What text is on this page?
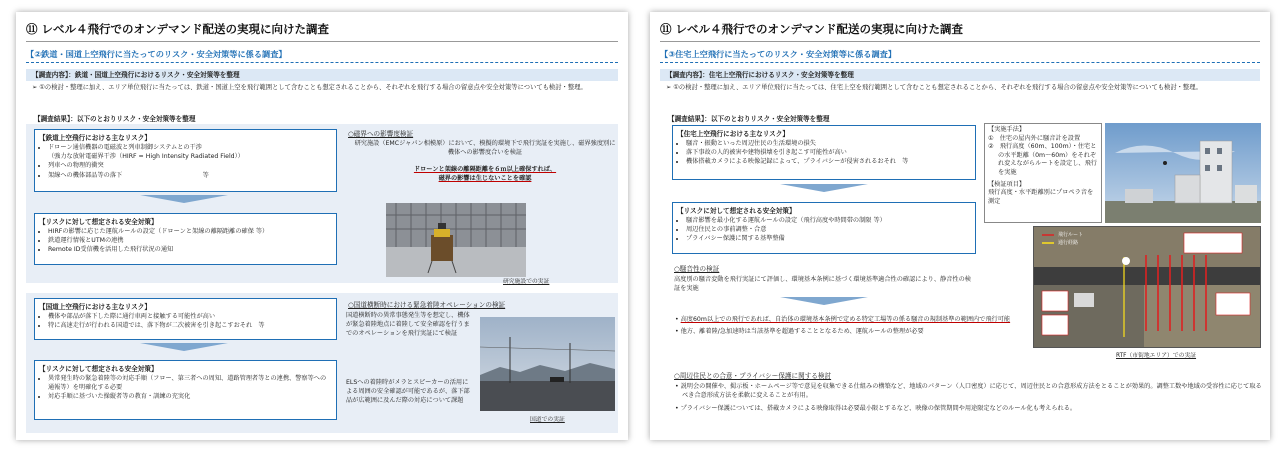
⑪ レベル４飛行でのオンデマンド配送の実現に向けた調査
【②鉄道・国道上空飛行に当たってのリスク・安全対策等に係る調査】
【調査内容】：鉄道・国道上空飛行におけるリスク・安全対策等を整理
➢ ①の検討・整理に加え、エリア単位飛行に当たっては、鉄道・国道上空を飛行範囲として含むことも想定されることから、それぞれを飛行する場合の留意点や安全対策等についても検討・整理。
【調査結果】：以下のとおりリスク・安全対策等を整理
【鉄道上空飛行における主なリスク】
• ドローン通信機器の電磁波と列車制御システムとの干渉
（強力な放射電磁界干渉（HIRF = High Intensity Radiated Field））
• 列車への物理的衝突
• 架線への機体部品等の落下　　　　　　　　　　　　　等
【リスクに対して想定される安全対策】
• HIRFの影響に応じた運航ルールの設定（ドローンと架線の離隔距離の確保 等）
• 鉄道運行情報とUTMの連携
• Remote ID受信機を活用した飛行状況の通知
○磁界への影響度検証
研究施設（EMCジャパン相模原）において、模擬的環境下で飛行実証を実施し、磁界強度別に機体への影響度合いを検証
ドローンと架線の離隔距離を６ｍ以上確保すれば、
磁界の影響は生じないことを確認
研究施設での実証
【国道上空飛行における主なリスク】
• 機体や部品が落下した際に通行車両と接触する可能性が高い
• 特に高速走行が行われる国道では、落下物が二次被害を引き起こすおそれ　等
【リスクに対して想定される安全対策】
• 異常発生時の緊急着陸等の対応手順（フロー、第三者への周知、道路管理者等との連携、警察等への通報等）を明確化する必要
• 対応手順に基づいた操縦者等の教育・訓練の充実化
○国道横断時における緊急着陸オペレーションの検証
国道横断時の異常事態発生等を想定し、機体が緊急着陸地点に着陸して安全確認を行うまでのオペレーションを飛行実証にて検証
ELSへの着陸時がメラとスピーカーの活用による周囲の安全確認が可能であるが、落下部品が広範囲に及んだ際の対応について課題
国道での実証
⑪ レベル４飛行でのオンデマンド配送の実現に向けた調査
【③住宅上空飛行に当たってのリスク・安全対策等に係る調査】
【調査内容】：住宅上空飛行におけるリスク・安全対策等を整理
➢ ①の検討・整理に加え、エリア単位飛行に当たっては、住宅上空を飛行範囲として含むことも想定されることから、それぞれを飛行する場合の留意点や安全対策等についても検討・整理。
【調査結果】：以下のとおりリスク・安全対策等を整理
【住宅上空飛行における主なリスク】
• 騒音・振動といった周辺住民の生活環境の損失
• 落下事故の人的被害や建物損壊を引き起こす可能性が高い
• 機体搭載カメラによる映像記録によって、プライバシーが侵害されるおそれ　等
【リスクに対して想定される安全対策】
• 騒音影響を最小化する運航ルールの設定（飛行高度や時間帯の制限 等）
• 周辺住民との事前調整・合意
• プライバシー保護に関する基準整備
【実施手法】
①　住宅の屋内外に騒音計を設置
②　飛行高度（60m、100m）・住宅との水平距離（0m～60m）をそれぞれ変えながらルートを設定し、飛行を実施
【検証項目】
飛行高度・水平距離別にプロペラ音を測定
飛行ルート
通行経路
RTF（市街地エリア）での実証
○騒音性の検証
高度別の騒音変動を飛行実証にて評価し、環境基本条例に基づく環境基準適合性の確認により、静音性の検証を実施
• 高度60m以上での飛行であれば、自治体の環境基本条例で定める特定工場等の係る騒音の規制基準の範囲内で飛行可能
• 他方、離着陸/急加速時は当該基準を超過することとなるため、運航ルールの整理が必要
○周辺住民との合意・プライバシー保護に関する検討
• 説明会の開催や、掲示板・ホームページ等で意見を収集できる仕組みの構築など、地域のパターン（人口密度）に応じて、周辺住民との合意形成方法をとることが効果的。調整工数や地域の受容性に応じて取るべき合意形成方法を柔軟に変えることが有用。
• プライバシー保護については、搭載カメラによる映像取得は必要最小限とするなど、映像の保管期間や用途限定などのルール化も考えられる。
